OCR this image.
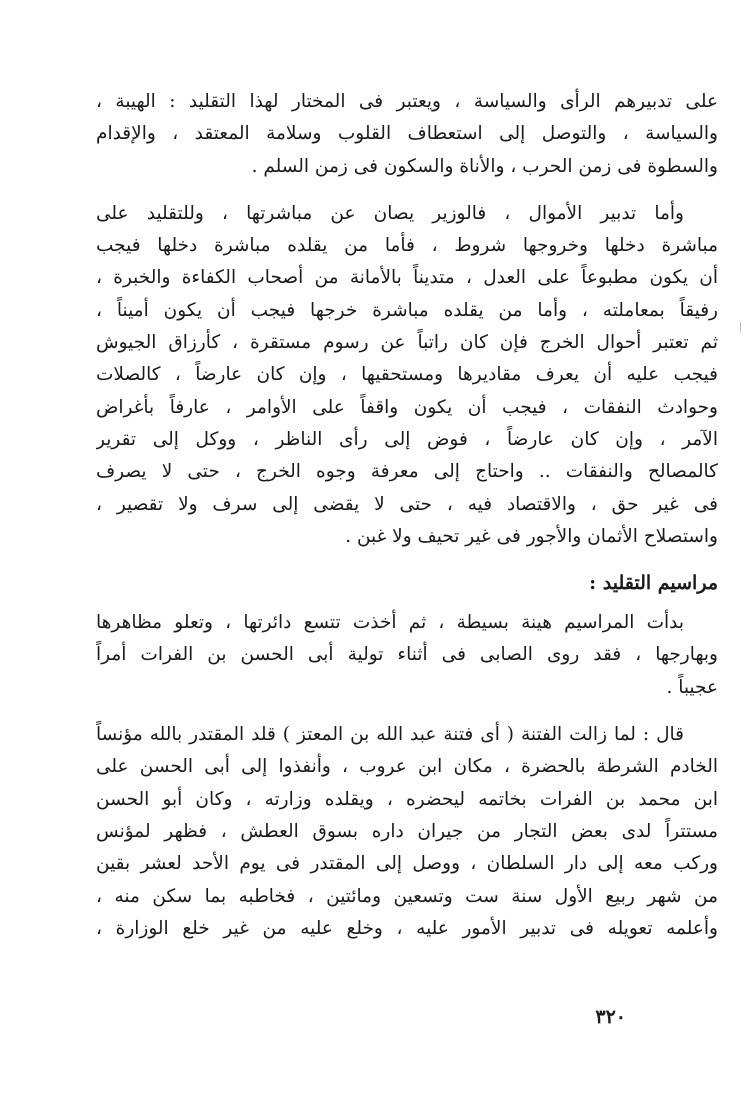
على تدبيرهم الرأى والسياسة ، ويعتبر فى المختار لهذا التقليد : الهيبة ،
والسياسة ، والتوصل إلى استعطاف القلوب وسلامة المعتقد ، والإقدام
والسطوة فى زمن الحرب ، والأناة والسكون فى زمن السلم .
وأما تدبير الأموال ، فالوزير يصان عن مباشرتها ، وللتقليد على
مباشرة دخلها وخروجها شروط ، فأما من يقلده مباشرة دخلها فيجب
أن يكون مطبوعاً على العدل ، متديناً بالأمانة من أصحاب الكفاءة والخبرة ،
رفيقاً بمعاملته ، وأما من يقلده مباشرة خرجها فيجب أن يكون أميناً ،
ثم تعتبر أحوال الخرج فإن كان راتباً عن رسوم مستقرة ، كأرزاق الجيوش
فيجب عليه أن يعرف مقاديرها ومستحقيها ، وإن كان عارضاً ، كالصلات
وحوادث النفقات ، فيجب أن يكون واقفاً على الأوامر ، عارفاً بأغراض
الآمر ، وإن كان عارضاً ، فوض إلى رأى الناظر ، ووكل إلى تقرير
كالمصالح والنفقات .. واحتاج إلى معرفة وجوه الخرج ، حتى لا يصرف
فى غير حق ، والاقتصاد فيه ، حتى لا يقضى إلى سرف ولا تقصير ،
واستصلاح الأثمان والأجور فى غير تحيف ولا غبن .
مراسيم التقليد :
بدأت المراسيم هينة بسيطة ، ثم أخذت تتسع دائرتها ، وتعلو مظاهرها
وبهارجها ، فقد روى الصابى فى أثناء تولية أبى الحسن بن الفرات أمراً
عجيباً .
قال : لما زالت الفتنة ( أى فتنة عبد الله بن المعتز ) قلد المقتدر بالله مؤنساً
الخادم الشرطة بالحضرة ، مكان ابن عروب ، وأنفذوا إلى أبى الحسن على
ابن محمد بن الفرات بخاتمه ليحضره ، ويقلده وزارته ، وكان أبو الحسن
مستتراً لدى بعض التجار من جيران داره بسوق العطش ، فظهر لمؤنس
وركب معه إلى دار السلطان ، ووصل إلى المقتدر فى يوم الأحد لعشر بقين
من شهر ربيع الأول سنة ست وتسعين ومائتين ، فخاطبه بما سكن منه ،
وأعلمه تعويله فى تدبير الأمور عليه ، وخلع عليه من غير خلع الوزارة ،
٣٢٠
